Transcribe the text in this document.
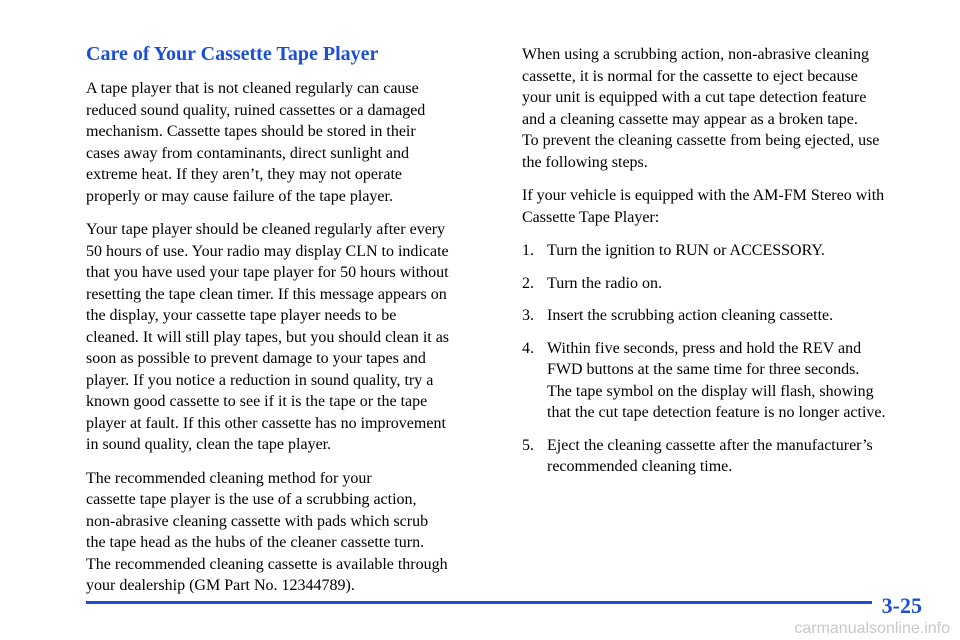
Care of Your Cassette Tape Player

A tape player that is not cleaned regularly can cause
reduced sound quality, ruined cassettes or a damaged
mechanism. Cassette tapes should be stored in their
cases away from contaminants, direct sunlight and
extreme heat. If they aren’t, they may not operate
properly or may cause failure of the tape player.

Your tape player should be cleaned regularly after every
50 hours of use. Your radio may display CLN to indicate
that you have used your tape player for 50 hours without
resetting the tape clean timer. If this message appears on
the display, your cassette tape player needs to be
cleaned. It will still play tapes, but you should clean it as
soon as possible to prevent damage to your tapes and
player. If you notice a reduction in sound quality, try a
known good cassette to see if it is the tape or the tape
player at fault. If this other cassette has no improvement
in sound quality, clean the tape player.

The recommended cleaning method for your
cassette tape player is the use of a scrubbing action,
non-abrasive cleaning cassette with pads which scrub
the tape head as the hubs of the cleaner cassette turn.
The recommended cleaning cassette is available through
your dealership (GM Part No. 12344789).

When using a scrubbing action, non-abrasive cleaning
cassette, it is normal for the cassette to eject because
your unit is equipped with a cut tape detection feature
and a cleaning cassette may appear as a broken tape.
To prevent the cleaning cassette from being ejected, use
the following steps.

If your vehicle is equipped with the AM-FM Stereo with
Cassette Tape Player:

1. Turn the ignition to RUN or ACCESSORY.
2. Turn the radio on.
3. Insert the scrubbing action cleaning cassette.
4. Within five seconds, press and hold the REV and
FWD buttons at the same time for three seconds.
The tape symbol on the display will flash, showing
that the cut tape detection feature is no longer active.
5. Eject the cleaning cassette after the manufacturer’s
recommended cleaning time.
3-25
carmanualsonline.info
